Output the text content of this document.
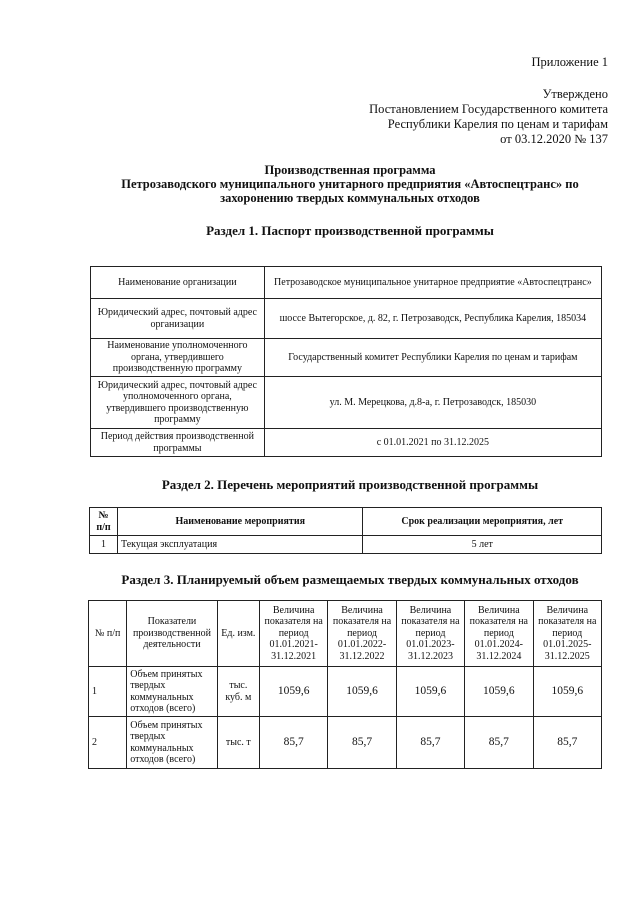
Приложение 1
Утверждено
Постановлением Государственного комитета
Республики Карелия по ценам и тарифам
от 03.12.2020 № 137
Производственная программа
Петрозаводского муниципального унитарного предприятия «Автоспецтранс» по
захоронению твердых коммунальных отходов
Раздел 1. Паспорт производственной программы
Наименование организации	Петрозаводское муниципальное унитарное предприятие «Автоспецтранс»
Юридический адрес, почтовый адрес организации	шоссе Вытегорское, д. 82, г. Петрозаводск, Республика Карелия, 185034
Наименование уполномоченного органа, утвердившего производственную программу	Государственный комитет Республики Карелия по ценам и тарифам
Юридический адрес, почтовый адрес уполномоченного органа, утвердившего производственную программу	ул. М. Мерецкова, д.8-а, г. Петрозаводск, 185030
Период действия производственной программы	с 01.01.2021 по 31.12.2025
Раздел 2. Перечень мероприятий производственной программы
№ п/п	Наименование мероприятия	Срок реализации мероприятия, лет
1	Текущая эксплуатация	5 лет
Раздел 3. Планируемый объем размещаемых твердых коммунальных отходов
№ п/п	Показатели производственной деятельности	Ед. изм.	Величина показателя на период 01.01.2021-31.12.2021	Величина показателя на период 01.01.2022-31.12.2022	Величина показателя на период 01.01.2023-31.12.2023	Величина показателя на период 01.01.2024-31.12.2024	Величина показателя на период 01.01.2025-31.12.2025
1	Объем принятых твердых коммунальных отходов (всего)	тыс. куб. м	1059,6	1059,6	1059,6	1059,6	1059,6
2	Объем принятых твердых коммунальных отходов (всего)	тыс. т	85,7	85,7	85,7	85,7	85,7
